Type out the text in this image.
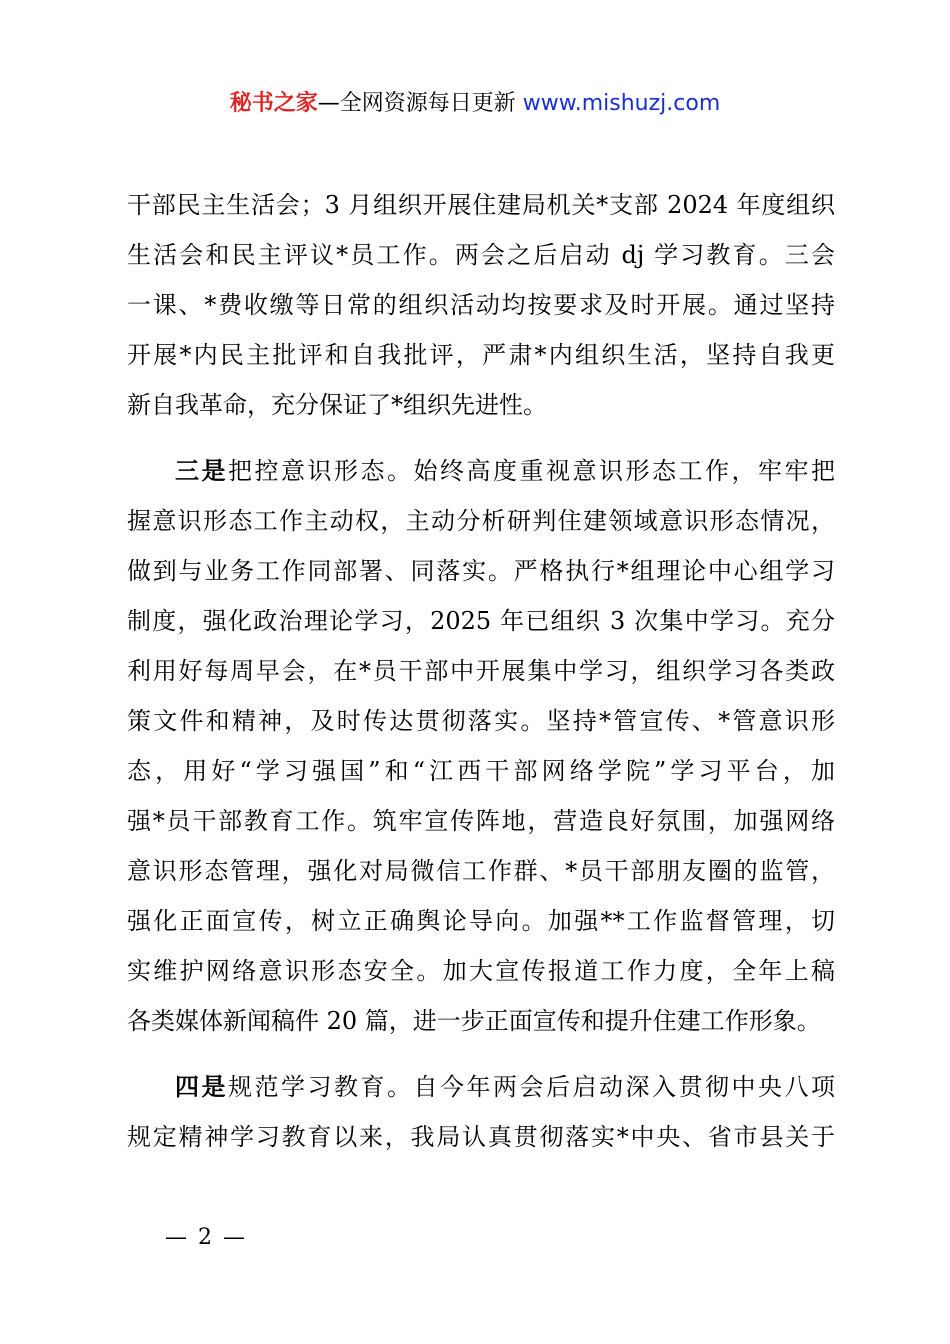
秘书之家—全网资源每日更新 www.mishuzj.com
干部民主生活会；3 月组织开展住建局机关*支部 2024 年度组织
生活会和民主评议*员工作。两会之后启动 dj 学习教育。三会
一课、*费收缴等日常的组织活动均按要求及时开展。通过坚持
开展*内民主批评和自我批评，严肃*内组织生活，坚持自我更
新自我革命，充分保证了*组织先进性。
三是把控意识形态。始终高度重视意识形态工作，牢牢把
握意识形态工作主动权，主动分析研判住建领域意识形态情况，
做到与业务工作同部署、同落实。严格执行*组理论中心组学习
制度，强化政治理论学习，2025 年已组织 3 次集中学习。充分
利用好每周早会，在*员干部中开展集中学习，组织学习各类政
策文件和精神，及时传达贯彻落实。坚持*管宣传、*管意识形
态，用好“学习强国”和“江西干部网络学院”学习平台，加
强*员干部教育工作。筑牢宣传阵地，营造良好氛围，加强网络
意识形态管理，强化对局微信工作群、*员干部朋友圈的监管，
强化正面宣传，树立正确舆论导向。加强**工作监督管理，切
实维护网络意识形态安全。加大宣传报道工作力度，全年上稿
各类媒体新闻稿件 20 篇，进一步正面宣传和提升住建工作形象。
四是规范学习教育。自今年两会后启动深入贯彻中央八项
规定精神学习教育以来，我局认真贯彻落实*中央、省市县关于
— 2 —
